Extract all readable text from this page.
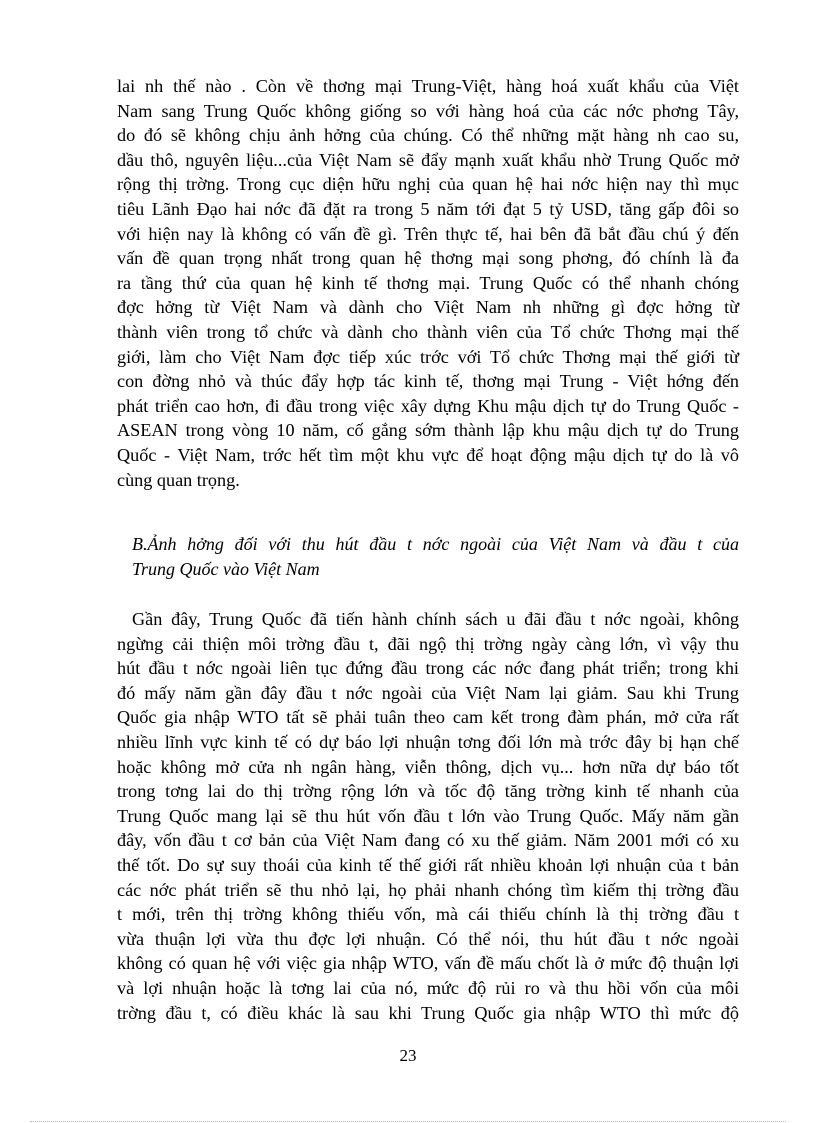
lai nh thế nào . Còn về thơng mại Trung-Việt, hàng hoá xuất khẩu của Việt
Nam sang Trung Quốc không giống so với hàng hoá của các nớc phơng Tây,
do đó sẽ không chịu ảnh hởng của chúng. Có thể những mặt hàng nh cao su,
dầu thô, nguyên liệu...của Việt Nam sẽ đẩy mạnh xuất khẩu nhờ Trung Quốc mở
rộng thị trờng. Trong cục diện hữu nghị của quan hệ hai nớc hiện nay thì mục
tiêu Lãnh Đạo hai nớc đã đặt ra trong 5 năm tới đạt 5 tỷ USD, tăng gấp đôi so
với hiện nay là không có vấn đề gì. Trên thực tế, hai bên đã bắt đầu chú ý đến
vấn đề quan trọng nhất trong quan hệ thơng mại song phơng, đó chính là đa
ra tầng thứ của quan hệ kinh tế thơng mại. Trung Quốc có thể nhanh chóng
đợc hởng từ Việt Nam và dành cho Việt Nam nh những gì đợc hởng từ
thành viên trong tổ chức và dành cho thành viên của Tổ chức Thơng mại thế
giới, làm cho Việt Nam đợc tiếp xúc trớc với Tổ chức Thơng mại thế giới từ
con đờng nhỏ và thúc đẩy hợp tác kinh tế, thơng mại Trung - Việt hớng đến
phát triển cao hơn, đi đầu trong việc xây dựng Khu mậu dịch tự do Trung Quốc -
ASEAN trong vòng 10 năm, cố gắng sớm thành lập khu mậu dịch tự do Trung
Quốc - Việt Nam, trớc hết tìm một khu vực để hoạt động mậu dịch tự do là vô
cùng quan trọng.
B.Ảnh hởng đối với thu hút đầu t nớc ngoài của Việt Nam và đầu t của
Trung Quốc vào Việt Nam
Gần đây, Trung Quốc đã tiến hành chính sách u đãi đầu t nớc ngoài, không
ngừng cải thiện môi trờng đầu t, đãi ngộ thị trờng ngày càng lớn, vì vậy thu
hút đầu t nớc ngoài liên tục đứng đầu trong các nớc đang phát triển; trong khi
đó mấy năm gần đây đầu t nớc ngoài của Việt Nam lại giảm. Sau khi Trung
Quốc gia nhập WTO tất sẽ phải tuân theo cam kết trong đàm phán, mở cửa rất
nhiều lĩnh vực kinh tế có dự báo lợi nhuận tơng đối lớn mà trớc đây bị hạn chế
hoặc không mở cửa nh ngân hàng, viễn thông, dịch vụ... hơn nữa dự báo tốt
trong tơng lai do thị trờng rộng lớn và tốc độ tăng trờng kinh tế nhanh của
Trung Quốc mang lại sẽ thu hút vốn đầu t lớn vào Trung Quốc. Mấy năm gần
đây, vốn đầu t cơ bản của Việt Nam đang có xu thế giảm. Năm 2001 mới có xu
thế tốt. Do sự suy thoái của kinh tế thế giới rất nhiều khoản lợi nhuận của t bản
các nớc phát triển sẽ thu nhỏ lại, họ phải nhanh chóng tìm kiếm thị trờng đầu
t mới, trên thị trờng không thiếu vốn, mà cái thiếu chính là thị trờng đầu t
vừa thuận lợi vừa thu đợc lợi nhuận. Có thể nói, thu hút đầu t nớc ngoài
không có quan hệ với việc gia nhập WTO, vấn đề mấu chốt là ở mức độ thuận lợi
và lợi nhuận hoặc là tơng lai của nó, mức độ rủi ro và thu hồi vốn của môi
trờng đầu t, có điều khác là sau khi Trung Quốc gia nhập WTO thì mức độ
23
